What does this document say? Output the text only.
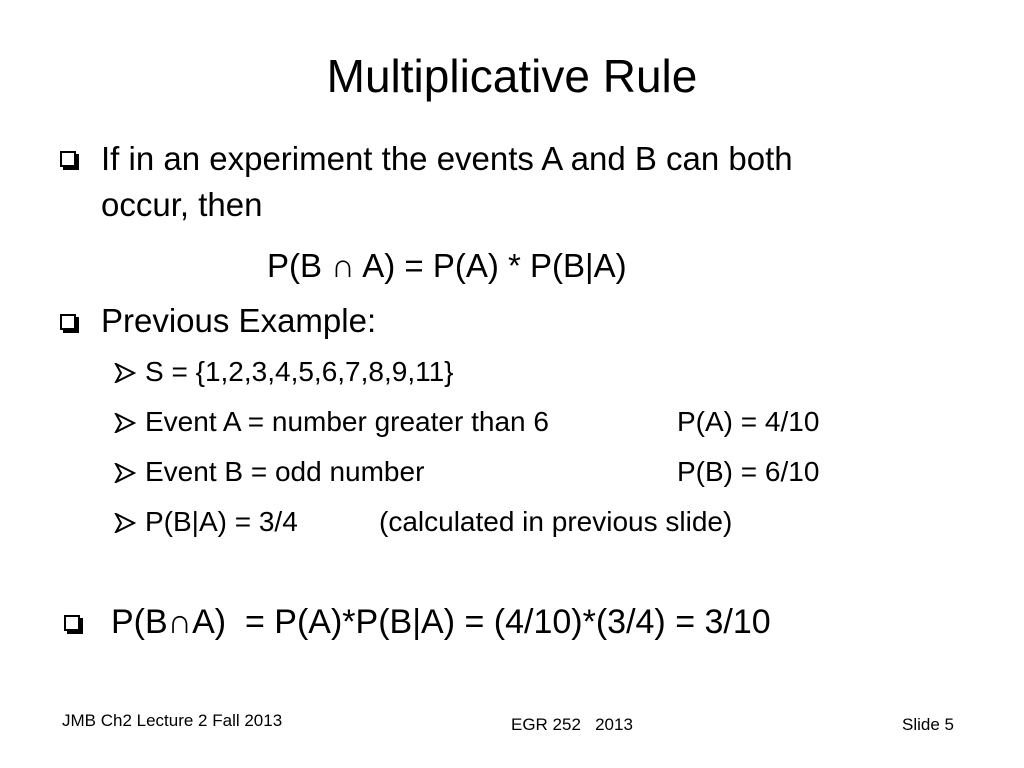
Multiplicative Rule
If in an experiment the events A and B can both
occur, then
P(B ∩ A) = P(A) * P(B|A)
Previous Example:
S = {1,2,3,4,5,6,7,8,9,11}
Event A = number greater than 6	P(A) = 4/10
Event B = odd number	P(B) = 6/10
P(B|A) = 3/4	(calculated in previous slide)
P(B∩A)  = P(A)*P(B|A) = (4/10)*(3/4) = 3/10
JMB Ch2 Lecture 2 Fall 2013	EGR 252   2013	Slide 5
